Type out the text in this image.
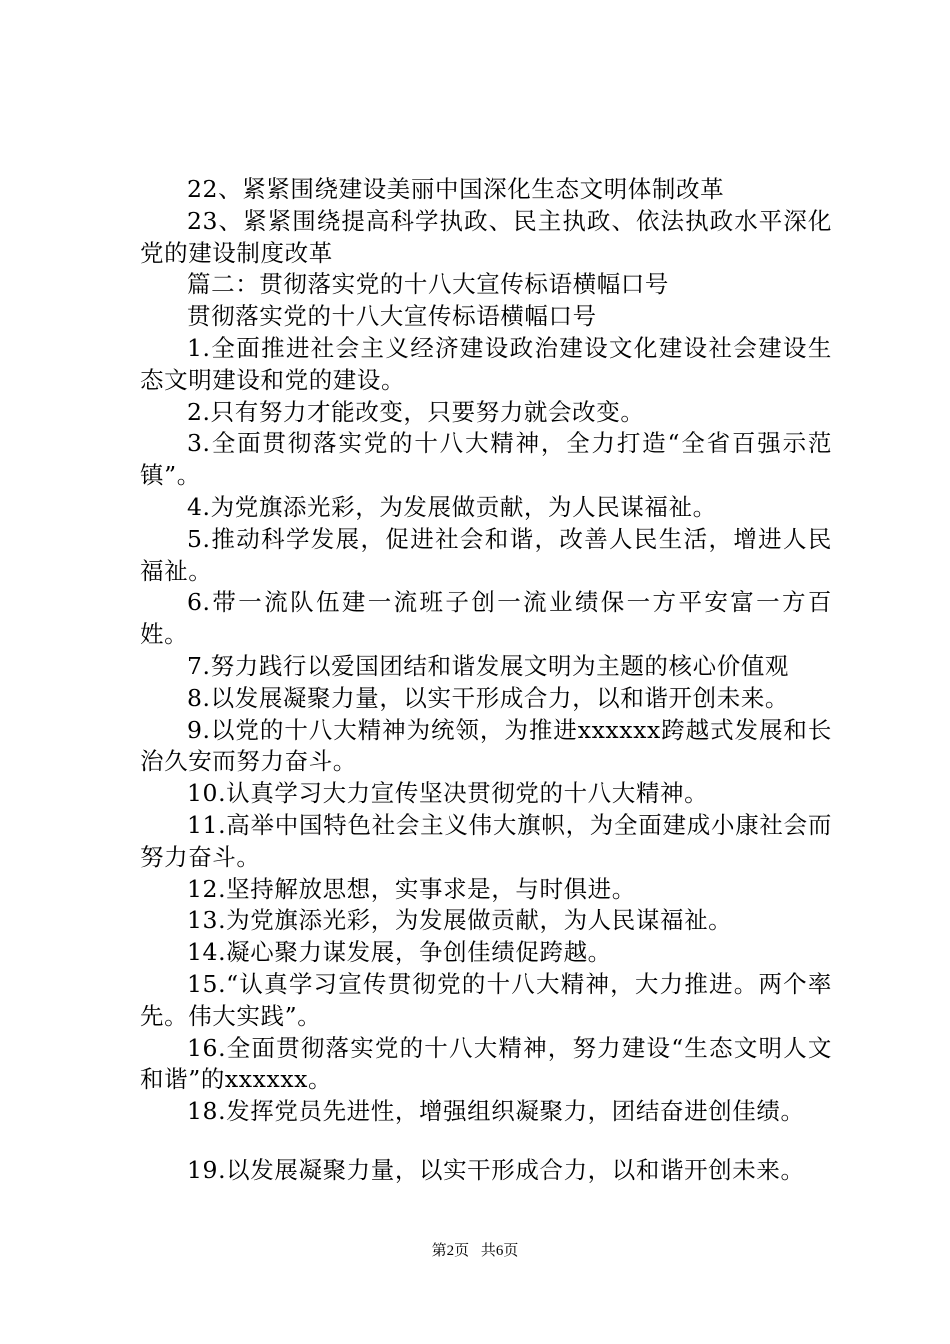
22、紧紧围绕建设美丽中国深化生态文明体制改革

23、紧紧围绕提高科学执政、民主执政、依法执政水平深化党的建设制度改革

篇二：贯彻落实党的十八大宣传标语横幅口号

贯彻落实党的十八大宣传标语横幅口号

1.全面推进社会主义经济建设政治建设文化建设社会建设生态文明建设和党的建设。

2.只有努力才能改变，只要努力就会改变。

3.全面贯彻落实党的十八大精神，全力打造“全省百强示范镇”。

4.为党旗添光彩，为发展做贡献，为人民谋福祉。

5.推动科学发展，促进社会和谐，改善人民生活，增进人民福祉。

6.带一流队伍建一流班子创一流业绩保一方平安富一方百姓。

7.努力践行以爱国团结和谐发展文明为主题的核心价值观

8.以发展凝聚力量，以实干形成合力，以和谐开创未来。

9.以党的十八大精神为统领，为推进xxxxxx跨越式发展和长治久安而努力奋斗。

10.认真学习大力宣传坚决贯彻党的十八大精神。

11.高举中国特色社会主义伟大旗帜，为全面建成小康社会而努力奋斗。

12.坚持解放思想，实事求是，与时俱进。

13.为党旗添光彩，为发展做贡献，为人民谋福祉。

14.凝心聚力谋发展，争创佳绩促跨越。

15.“认真学习宣传贯彻党的十八大精神，大力推进。两个率先。伟大实践”。

16.全面贯彻落实党的十八大精神，努力建设“生态文明人文和谐”的xxxxxx。

18.发挥党员先进性，增强组织凝聚力，团结奋进创佳绩。

19.以发展凝聚力量，以实干形成合力，以和谐开创未来。

第2页 共6页
